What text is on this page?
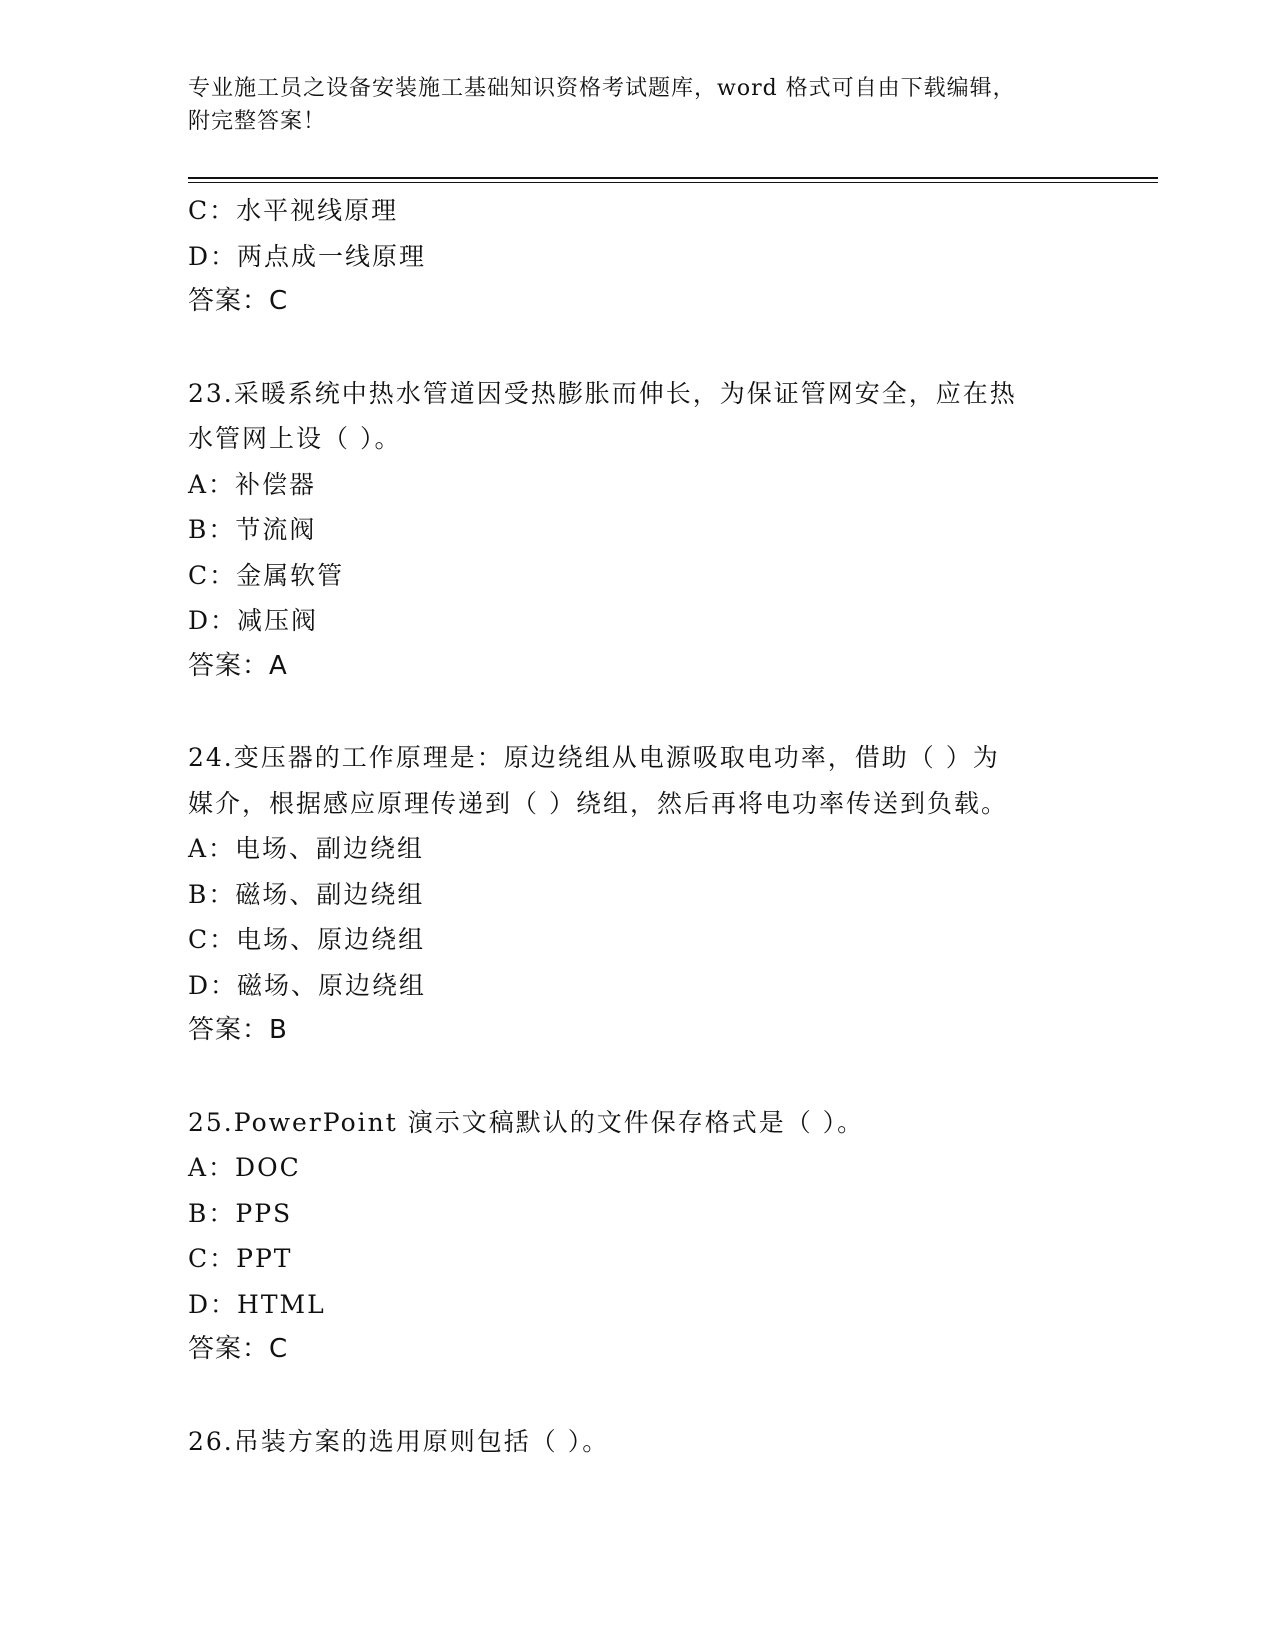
专业施工员之设备安装施工基础知识资格考试题库，word 格式可自由下载编辑，
附完整答案！
C：水平视线原理
D：两点成一线原理
答案：C
23.采暖系统中热水管道因受热膨胀而伸长，为保证管网安全，应在热
水管网上设（ ）。
A：补偿器
B：节流阀
C：金属软管
D：减压阀
答案：A
24.变压器的工作原理是：原边绕组从电源吸取电功率，借助（ ）为
媒介，根据感应原理传递到（ ）绕组，然后再将电功率传送到负载。
A：电场、副边绕组
B：磁场、副边绕组
C：电场、原边绕组
D：磁场、原边绕组
答案：B
25.PowerPoint 演示文稿默认的文件保存格式是（ ）。
A：DOC
B：PPS
C：PPT
D：HTML
答案：C
26.吊装方案的选用原则包括（ ）。
